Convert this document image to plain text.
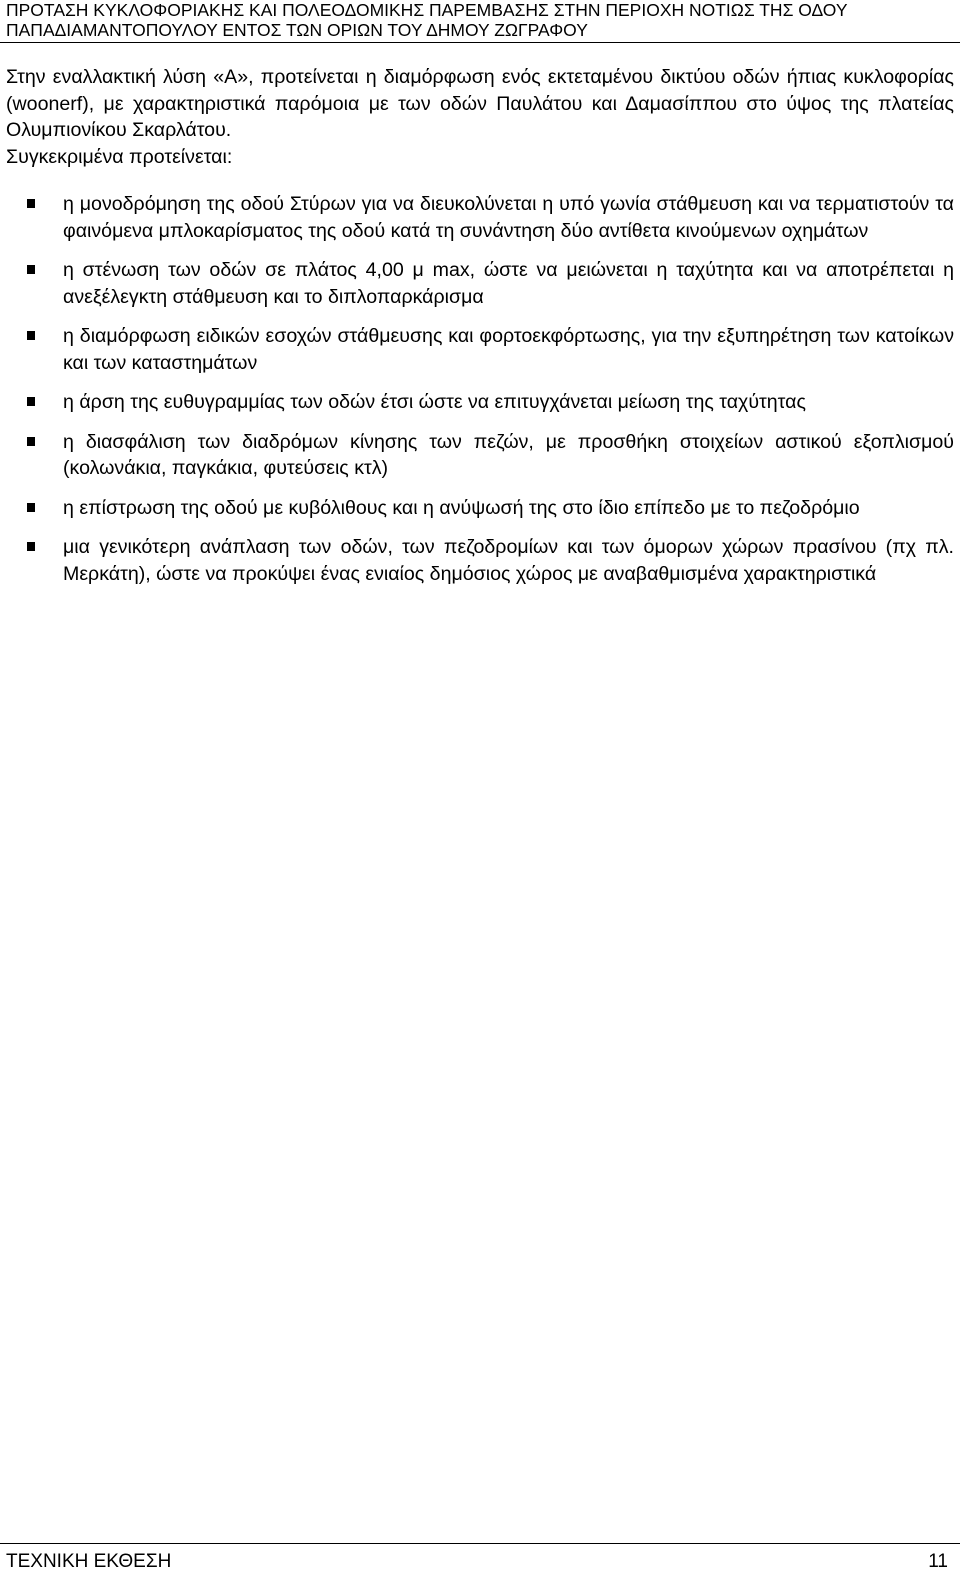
ΠΡΟΤΑΣΗ ΚΥΚΛΟΦΟΡΙΑΚΗΣ ΚΑΙ ΠΟΛΕΟΔΟΜΙΚΗΣ ΠΑΡΕΜΒΑΣΗΣ ΣΤΗΝ ΠΕΡΙΟΧΗ ΝΟΤΙΩΣ ΤΗΣ ΟΔΟΥ
ΠΑΠΑΔΙΑΜΑΝΤΟΠΟΥΛΟΥ ΕΝΤΟΣ ΤΩΝ ΟΡΙΩΝ ΤΟΥ ΔΗΜΟΥ ΖΩΓΡΑΦΟΥ

Στην εναλλακτική λύση «Α», προτείνεται η διαμόρφωση ενός εκτεταμένου δικτύου οδών ήπιας κυκλοφορίας (woonerf), με χαρακτηριστικά παρόμοια με των οδών Παυλάτου και Δαμασίππου στο ύψος της πλατείας Ολυμπιονίκου Σκαρλάτου.

Συγκεκριμένα προτείνεται:

η μονοδρόμηση της οδού Στύρων για να διευκολύνεται η υπό γωνία στάθμευση και να τερματιστούν τα φαινόμενα μπλοκαρίσματος της οδού κατά τη συνάντηση δύο αντίθετα κινούμενων οχημάτων
η στένωση των οδών σε πλάτος 4,00 μ max, ώστε να μειώνεται η ταχύτητα και να αποτρέπεται η ανεξέλεγκτη στάθμευση και το διπλοπαρκάρισμα
η διαμόρφωση ειδικών εσοχών στάθμευσης και φορτοεκφόρτωσης, για την εξυπηρέτηση των κατοίκων και των καταστημάτων
η άρση της ευθυγραμμίας των οδών έτσι ώστε να επιτυγχάνεται μείωση της ταχύτητας
η διασφάλιση των διαδρόμων κίνησης των πεζών, με προσθήκη στοιχείων αστικού εξοπλισμού (κολωνάκια, παγκάκια, φυτεύσεις κτλ)
η επίστρωση της οδού με κυβόλιθους και η ανύψωσή της στο ίδιο επίπεδο με το πεζοδρόμιο
μια γενικότερη ανάπλαση των οδών, των πεζοδρομίων και των όμορων χώρων πρασίνου (πχ πλ. Μερκάτη), ώστε να προκύψει ένας ενιαίος δημόσιος χώρος με αναβαθμισμένα χαρακτηριστικά
ΤΕΧΝΙΚΗ ΕΚΘΕΣΗ	11
